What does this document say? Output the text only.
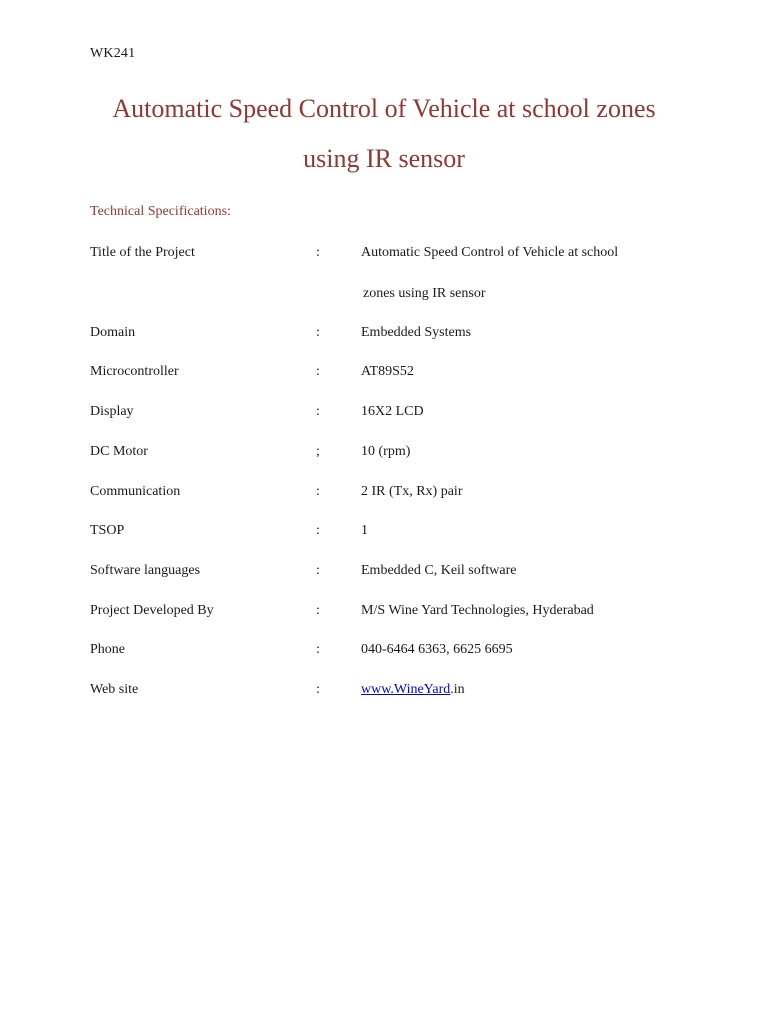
WK241
Automatic Speed Control of Vehicle at school zones
using IR sensor
Technical Specifications:
Title of the Project	:	Automatic Speed Control of Vehicle at school
zones using IR sensor
Domain	:	Embedded Systems
Microcontroller	:	AT89S52
Display	:	16X2 LCD
DC Motor	;	10 (rpm)
Communication	:	2 IR (Tx, Rx) pair
TSOP	:	1
Software languages	:	Embedded C, Keil software
Project Developed By	:	M/S Wine Yard Technologies, Hyderabad
Phone	:	040-6464 6363, 6625 6695
Web site	:	www.WineYard.in
